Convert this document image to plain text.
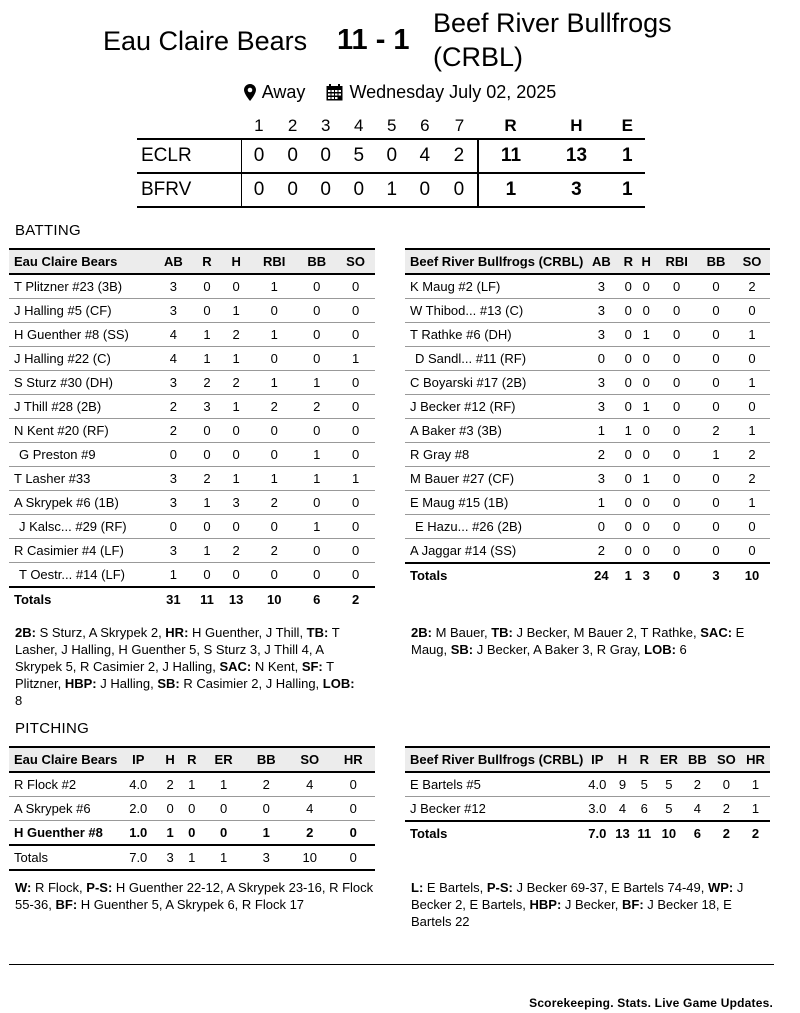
Eau Claire Bears 11 - 1
Beef River Bullfrogs (CRBL)
Away
Wednesday July 02, 2025
	1	2	3	4	5	6	7	R	H	E
ECLR	0	0	0	5	0	4	2	11	13	1
BFRV	0	0	0	0	1	0	0	1	3	1
BATTING
Eau Claire Bears	AB	R	H	RBI	BB	SO
T Plitzner #23 (3B)	3	0	0	1	0	0
J Halling #5 (CF)	3	0	1	0	0	0
H Guenther #8 (SS)	4	1	2	1	0	0
J Halling #22 (C)	4	1	1	0	0	1
S Sturz #30 (DH)	3	2	2	1	1	0
J Thill #28 (2B)	2	3	1	2	2	0
N Kent #20 (RF)	2	0	0	0	0	0
G Preston #9	0	0	0	0	1	0
T Lasher #33	3	2	1	1	1	1
A Skrypek #6 (1B)	3	1	3	2	0	0
J Kalsc... #29 (RF)	0	0	0	0	1	0
R Casimier #4 (LF)	3	1	2	2	0	0
T Oestr... #14 (LF)	1	0	0	0	0	0
Totals	31	11	13	10	6	2
Beef River Bullfrogs (CRBL)	AB	R	H	RBI	BB	SO
K Maug #2 (LF)	3	0	0	0	0	2
W Thibod... #13 (C)	3	0	0	0	0	0
T Rathke #6 (DH)	3	0	1	0	0	1
D Sandl... #11 (RF)	0	0	0	0	0	0
C Boyarski #17 (2B)	3	0	0	0	0	1
J Becker #12 (RF)	3	0	1	0	0	0
A Baker #3 (3B)	1	1	0	0	2	1
R Gray #8	2	0	0	0	1	2
M Bauer #27 (CF)	3	0	1	0	0	2
E Maug #15 (1B)	1	0	0	0	0	1
E Hazu... #26 (2B)	0	0	0	0	0	0
A Jaggar #14 (SS)	2	0	0	0	0	0
Totals	24	1	3	0	3	10
2B: S Sturz, A Skrypek 2, HR: H Guenther, J Thill, TB: T Lasher, J Halling, H Guenther 5, S Sturz 3, J Thill 4, A Skrypek 5, R Casimier 2, J Halling, SAC: N Kent, SF: T Plitzner, HBP: J Halling, SB: R Casimier 2, J Halling, LOB: 8
2B: M Bauer, TB: J Becker, M Bauer 2, T Rathke, SAC: E Maug, SB: J Becker, A Baker 3, R Gray, LOB: 6
PITCHING
Eau Claire Bears	IP	H	R	ER	BB	SO	HR
R Flock #2	4.0	2	1	1	2	4	0
A Skrypek #6	2.0	0	0	0	0	4	0
H Guenther #8	1.0	1	0	0	1	2	0
Totals	7.0	3	1	1	3	10	0
Beef River Bullfrogs (CRBL)	IP	H	R	ER	BB	SO	HR
E Bartels #5	4.0	9	5	5	2	0	1
J Becker #12	3.0	4	6	5	4	2	1
Totals	7.0	13	11	10	6	2	2
W: R Flock, P-S: H Guenther 22-12, A Skrypek 23-16, R Flock 55-36, BF: H Guenther 5, A Skrypek 6, R Flock 17
L: E Bartels, P-S: J Becker 69-37, E Bartels 74-49, WP: J Becker 2, E Bartels, HBP: J Becker, BF: J Becker 18, E Bartels 22
Scorekeeping. Stats. Live Game Updates.
